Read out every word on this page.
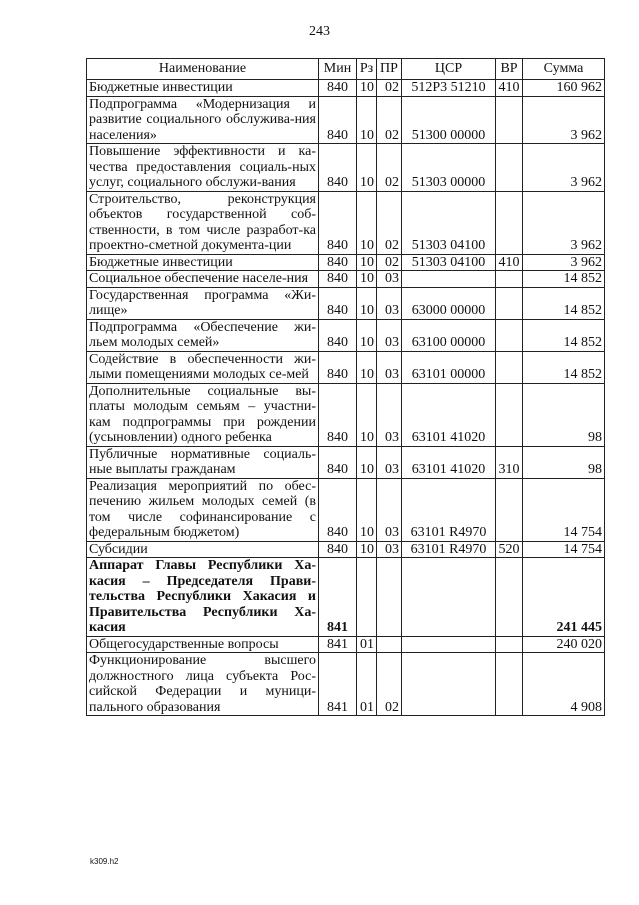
243
Наименование	Мин	Рз	ПР	ЦСР	ВР	Сумма
Бюджетные инвестиции	840	10	02	512P3 51210	410	160 962
Подпрограмма «Модернизация и развитие социального обслужива-ния населения»	840	10	02	51300 00000		3 962
Повышение эффективности и ка-чества предоставления социаль-ных услуг, социального обслужи-вания	840	10	02	51303 00000		3 962
Строительство, реконструкция объектов государственной соб-ственности, в том числе разработ-ка проектно-сметной документа-ции	840	10	02	51303 04100		3 962
Бюджетные инвестиции	840	10	02	51303 04100	410	3 962
Социальное обеспечение населе-ния	840	10	03			14 852
Государственная программа «Жи-лище»	840	10	03	63000 00000		14 852
Подпрограмма «Обеспечение жи-льем молодых семей»	840	10	03	63100 00000		14 852
Содействие в обеспеченности жи-лыми помещениями молодых се-мей	840	10	03	63101 00000		14 852
Дополнительные социальные вы-платы молодым семьям – участни-кам подпрограммы при рождении (усыновлении) одного ребенка	840	10	03	63101 41020		98
Публичные нормативные социаль-ные выплаты гражданам	840	10	03	63101 41020	310	98
Реализация мероприятий по обес-печению жильем молодых семей (в том числе софинансирование с федеральным бюджетом)	840	10	03	63101 R4970		14 754
Субсидии	840	10	03	63101 R4970	520	14 754
Аппарат Главы Республики Ха-касия – Председателя Прави-тельства Республики Хакасия и Правительства Республики Ха-касия	841					241 445
Общегосударственные вопросы	841	01				240 020
Функционирование высшего должностного лица субъекта Рос-сийской Федерации и муници-пального образования	841	01	02			4 908
k309.h2
